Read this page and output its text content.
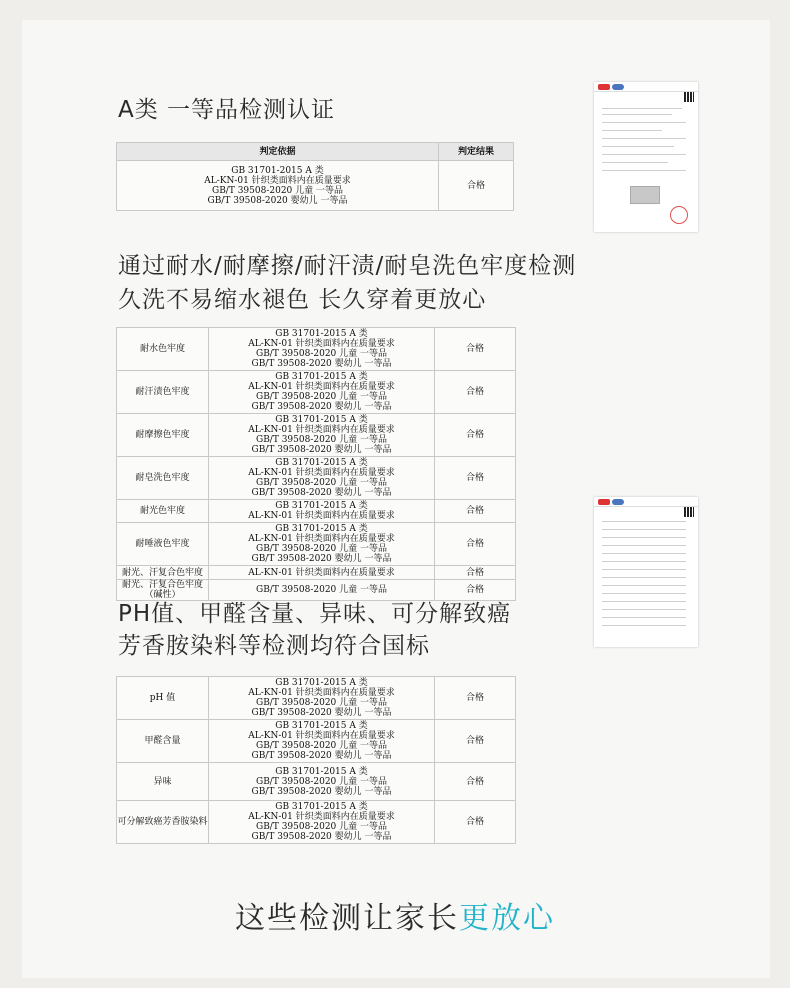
A类 一等品检测认证
判定依据	判定结果

GB 31701-2015 A 类
AL-KN-01 针织类面料内在质量要求
GB/T 39508-2020 儿童 一等品
GB/T 39508-2020 婴幼儿 一等品	合格
通过耐水/耐摩擦/耐汗渍/耐皂洗色牢度检测
久洗不易缩水褪色 长久穿着更放心
耐水色牢度	GB 31701-2015 A 类
AL-KN-01 针织类面料内在质量要求
GB/T 39508-2020 儿童 一等品
GB/T 39508-2020 婴幼儿 一等品	合格
耐汗渍色牢度	GB 31701-2015 A 类
AL-KN-01 针织类面料内在质量要求
GB/T 39508-2020 儿童 一等品
GB/T 39508-2020 婴幼儿 一等品	合格
耐摩擦色牢度	GB 31701-2015 A 类
AL-KN-01 针织类面料内在质量要求
GB/T 39508-2020 儿童 一等品
GB/T 39508-2020 婴幼儿 一等品	合格
耐皂洗色牢度	GB 31701-2015 A 类
AL-KN-01 针织类面料内在质量要求
GB/T 39508-2020 儿童 一等品
GB/T 39508-2020 婴幼儿 一等品	合格
耐光色牢度	GB 31701-2015 A 类
AL-KN-01 针织类面料内在质量要求	合格
耐唾液色牢度	GB 31701-2015 A 类
AL-KN-01 针织类面料内在质量要求
GB/T 39508-2020 儿童 一等品
GB/T 39508-2020 婴幼儿 一等品	合格
耐光、汗复合色牢度	AL-KN-01 针织类面料内在质量要求	合格
耐光、汗复合色牢度（碱性）	GB/T 39508-2020 儿童 一等品	合格
PH值、甲醛含量、异味、可分解致癌
芳香胺染料等检测均符合国标
pH 值	GB 31701-2015 A 类
AL-KN-01 针织类面料内在质量要求
GB/T 39508-2020 儿童 一等品
GB/T 39508-2020 婴幼儿 一等品	合格
甲醛含量	GB 31701-2015 A 类
AL-KN-01 针织类面料内在质量要求
GB/T 39508-2020 儿童 一等品
GB/T 39508-2020 婴幼儿 一等品	合格
异味	GB 31701-2015 A 类
GB/T 39508-2020 儿童 一等品
GB/T 39508-2020 婴幼儿 一等品	合格
可分解致癌芳香胺染料	GB 31701-2015 A 类
AL-KN-01 针织类面料内在质量要求
GB/T 39508-2020 儿童 一等品
GB/T 39508-2020 婴幼儿 一等品	合格
这些检测让家长更放心
